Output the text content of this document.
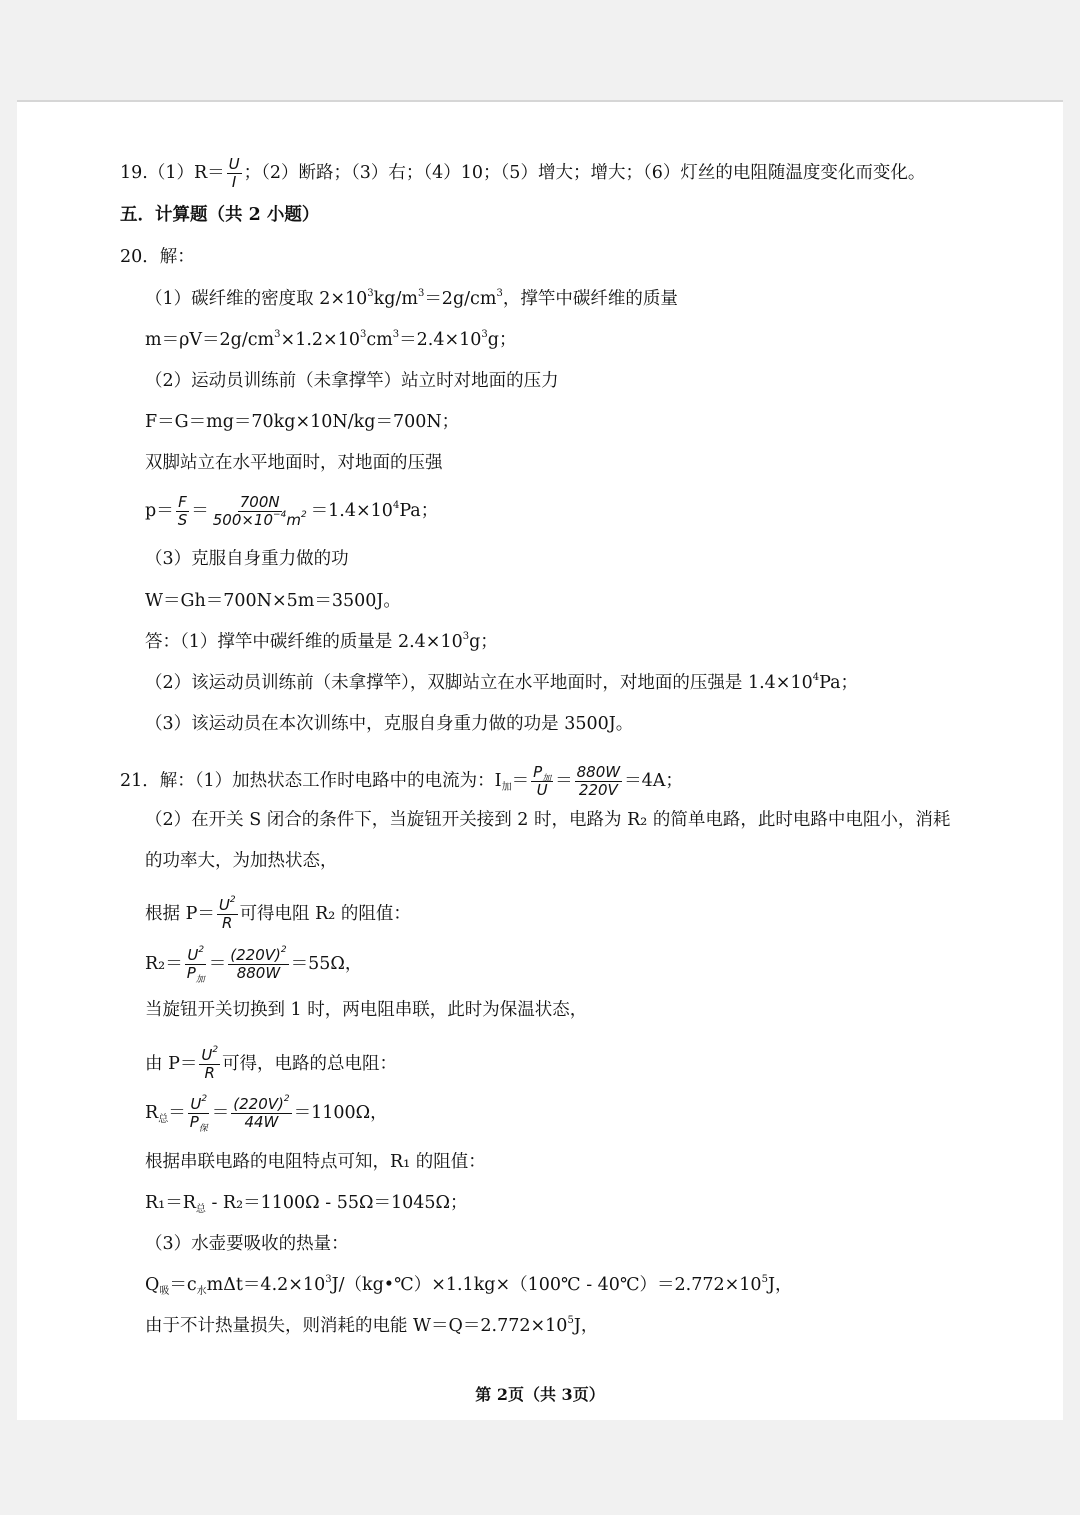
$19.(1)R= \frac{U}{I}$ ；（2）断路；（3）右；（4）10；（5）增大；增大；（6）灯丝的电阻随温度变化而变化。
五．计算题（共 2 小题）
20．解：
（1）碳纤维的密度取 $2\times 10^3kg/m^3=2g/cm^3$，撑竿中碳纤维的质量
$m=\rho V=2g/cm^3\times 1.2\times 10^3cm^3=2.4\times 10^3g$；
（2）运动员训练前（未拿撑竿）站立时对地面的压力
F＝G＝mg＝70kg×10N/kg＝700N；
双脚站立在水平地面时，对地面的压强
$p= \frac{F}{S} = \frac{700N}{500\times 10^{-4}m^2} =1.4\times 10^4Pa$；
（3）克服自身重力做的功
W＝Gh＝700N×5m＝3500J。
答：（1）撑竿中碳纤维的质量是 $2.4\times 10^3g$；
（2）该运动员训练前（未拿撑竿），双脚站立在水平地面时，对地面的压强是 $1.4\times 10^4Pa$；
（3）该运动员在本次训练中，克服自身重力做的功是 3500J。
21．解：（1）加热状态工作时电路中的电流为：$I_加= \frac{P_加}{U} = \frac{880W}{220V} =4A$；
（2）在开关 S 闭合的条件下，当旋钮开关接到 2 时，电路为 R₂ 的简单电路，此时电路中电阻小，消耗
的功率大，为加热状态，
根据 $P= \frac{U^2}{R}$ 可得电阻 R₂ 的阻值：
$R_2= \frac{U^2}{P_加} = \frac{(220V)^2}{880W} =55\Omega$，
当旋钮开关切换到 1 时，两电阻串联，此时为保温状态，
由 $P= \frac{U^2}{R}$ 可得，电路的总电阻：
$R_总= \frac{U^2}{P_保} = \frac{(220V)^2}{44W} =1100\Omega$，
根据串联电路的电阻特点可知，R₁ 的阻值：
$R_1=R_总 - R_2=1100\Omega - 55\Omega=1045\Omega$；
（3）水壶要吸收的热量：
$Q_吸=c_水m\Delta t=4.2\times 10^3J/(kg•℃)\times 1.1kg\times(100℃$ - $40℃)=2.772\times 10^5J$，
由于不计热量损失，则消耗的电能 $W=Q=2.772\times 10^5J$，
第 2页（共 3页）
